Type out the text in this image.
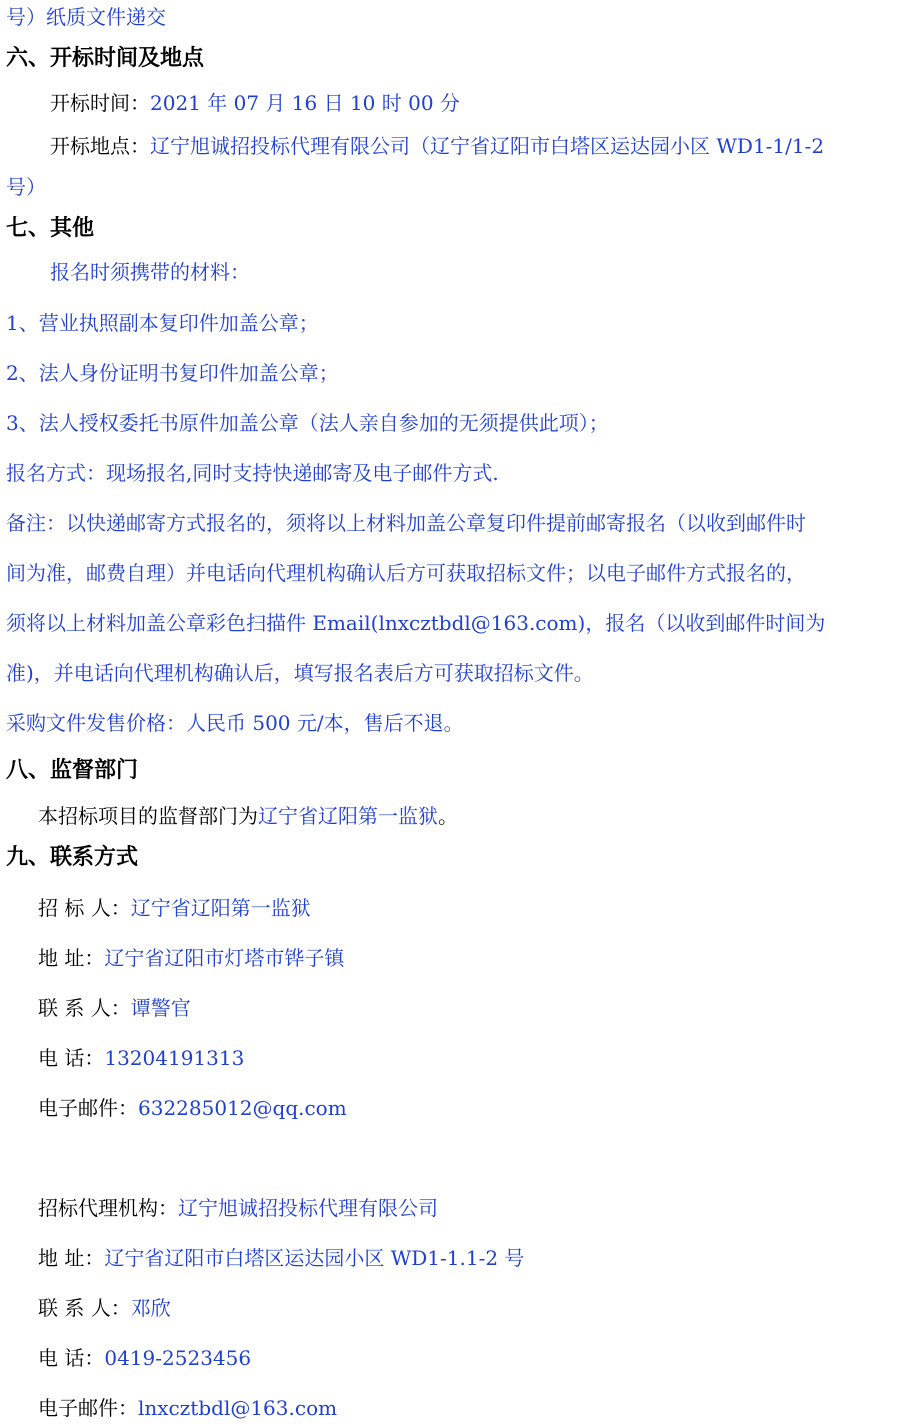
号）纸质文件递交
六、开标时间及地点
开标时间：2021 年 07 月 16 日 10 时 00 分
开标地点：辽宁旭诚招投标代理有限公司（辽宁省辽阳市白塔区运达园小区 WD1-1/1-2
号）
七、其他
报名时须携带的材料：
1、营业执照副本复印件加盖公章；
2、法人身份证明书复印件加盖公章；
3、法人授权委托书原件加盖公章（法人亲自参加的无须提供此项）；
报名方式：现场报名,同时支持快递邮寄及电子邮件方式.
备注：以快递邮寄方式报名的，须将以上材料加盖公章复印件提前邮寄报名（以收到邮件时
间为准，邮费自理）并电话向代理机构确认后方可获取招标文件；以电子邮件方式报名的，
须将以上材料加盖公章彩色扫描件 Email(lnxcztbdl@163.com)，报名（以收到邮件时间为
准)，并电话向代理机构确认后，填写报名表后方可获取招标文件。
采购文件发售价格：人民币 500 元/本，售后不退。
八、监督部门
本招标项目的监督部门为辽宁省辽阳第一监狱。
九、联系方式
招 标 人：辽宁省辽阳第一监狱
地 址：辽宁省辽阳市灯塔市铧子镇
联 系 人：谭警官
电 话：13204191313
电子邮件：632285012@qq.com
招标代理机构：辽宁旭诚招投标代理有限公司
地 址：辽宁省辽阳市白塔区运达园小区 WD1-1.1-2 号
联 系 人：邓欣
电 话：0419-2523456
电子邮件：lnxcztbdl@163.com
